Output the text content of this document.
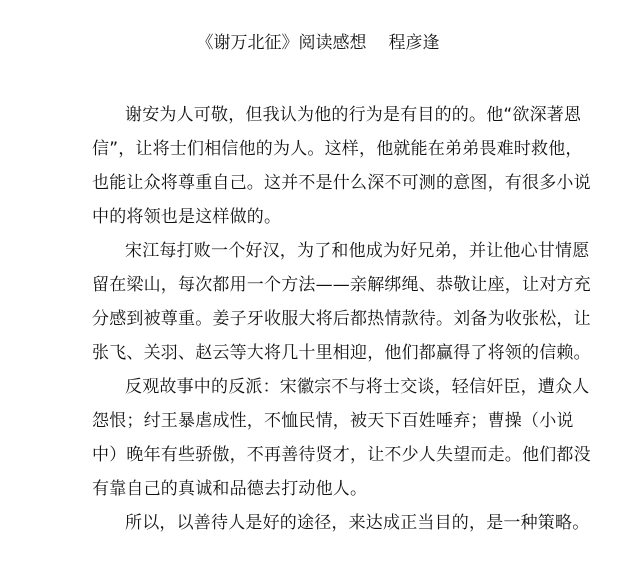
《谢万北征》阅读感想 程彦逢
谢安为人可敬，但我认为他的行为是有目的的。他“欲深著恩
信”，让将士们相信他的为人。这样，他就能在弟弟畏难时救他，
也能让众将尊重自己。这并不是什么深不可测的意图，有很多小说
中的将领也是这样做的。
宋江每打败一个好汉，为了和他成为好兄弟，并让他心甘情愿
留在梁山，每次都用一个方法——亲解绑绳、恭敬让座，让对方充
分感到被尊重。姜子牙收服大将后都热情款待。刘备为收张松，让
张飞、关羽、赵云等大将几十里相迎，他们都赢得了将领的信赖。
反观故事中的反派：宋徽宗不与将士交谈，轻信奸臣，遭众人
怨恨；纣王暴虐成性，不恤民情，被天下百姓唾弃；曹操（小说
中）晚年有些骄傲，不再善待贤才，让不少人失望而走。他们都没
有靠自己的真诚和品德去打动他人。
所以，以善待人是好的途径，来达成正当目的，是一种策略。
